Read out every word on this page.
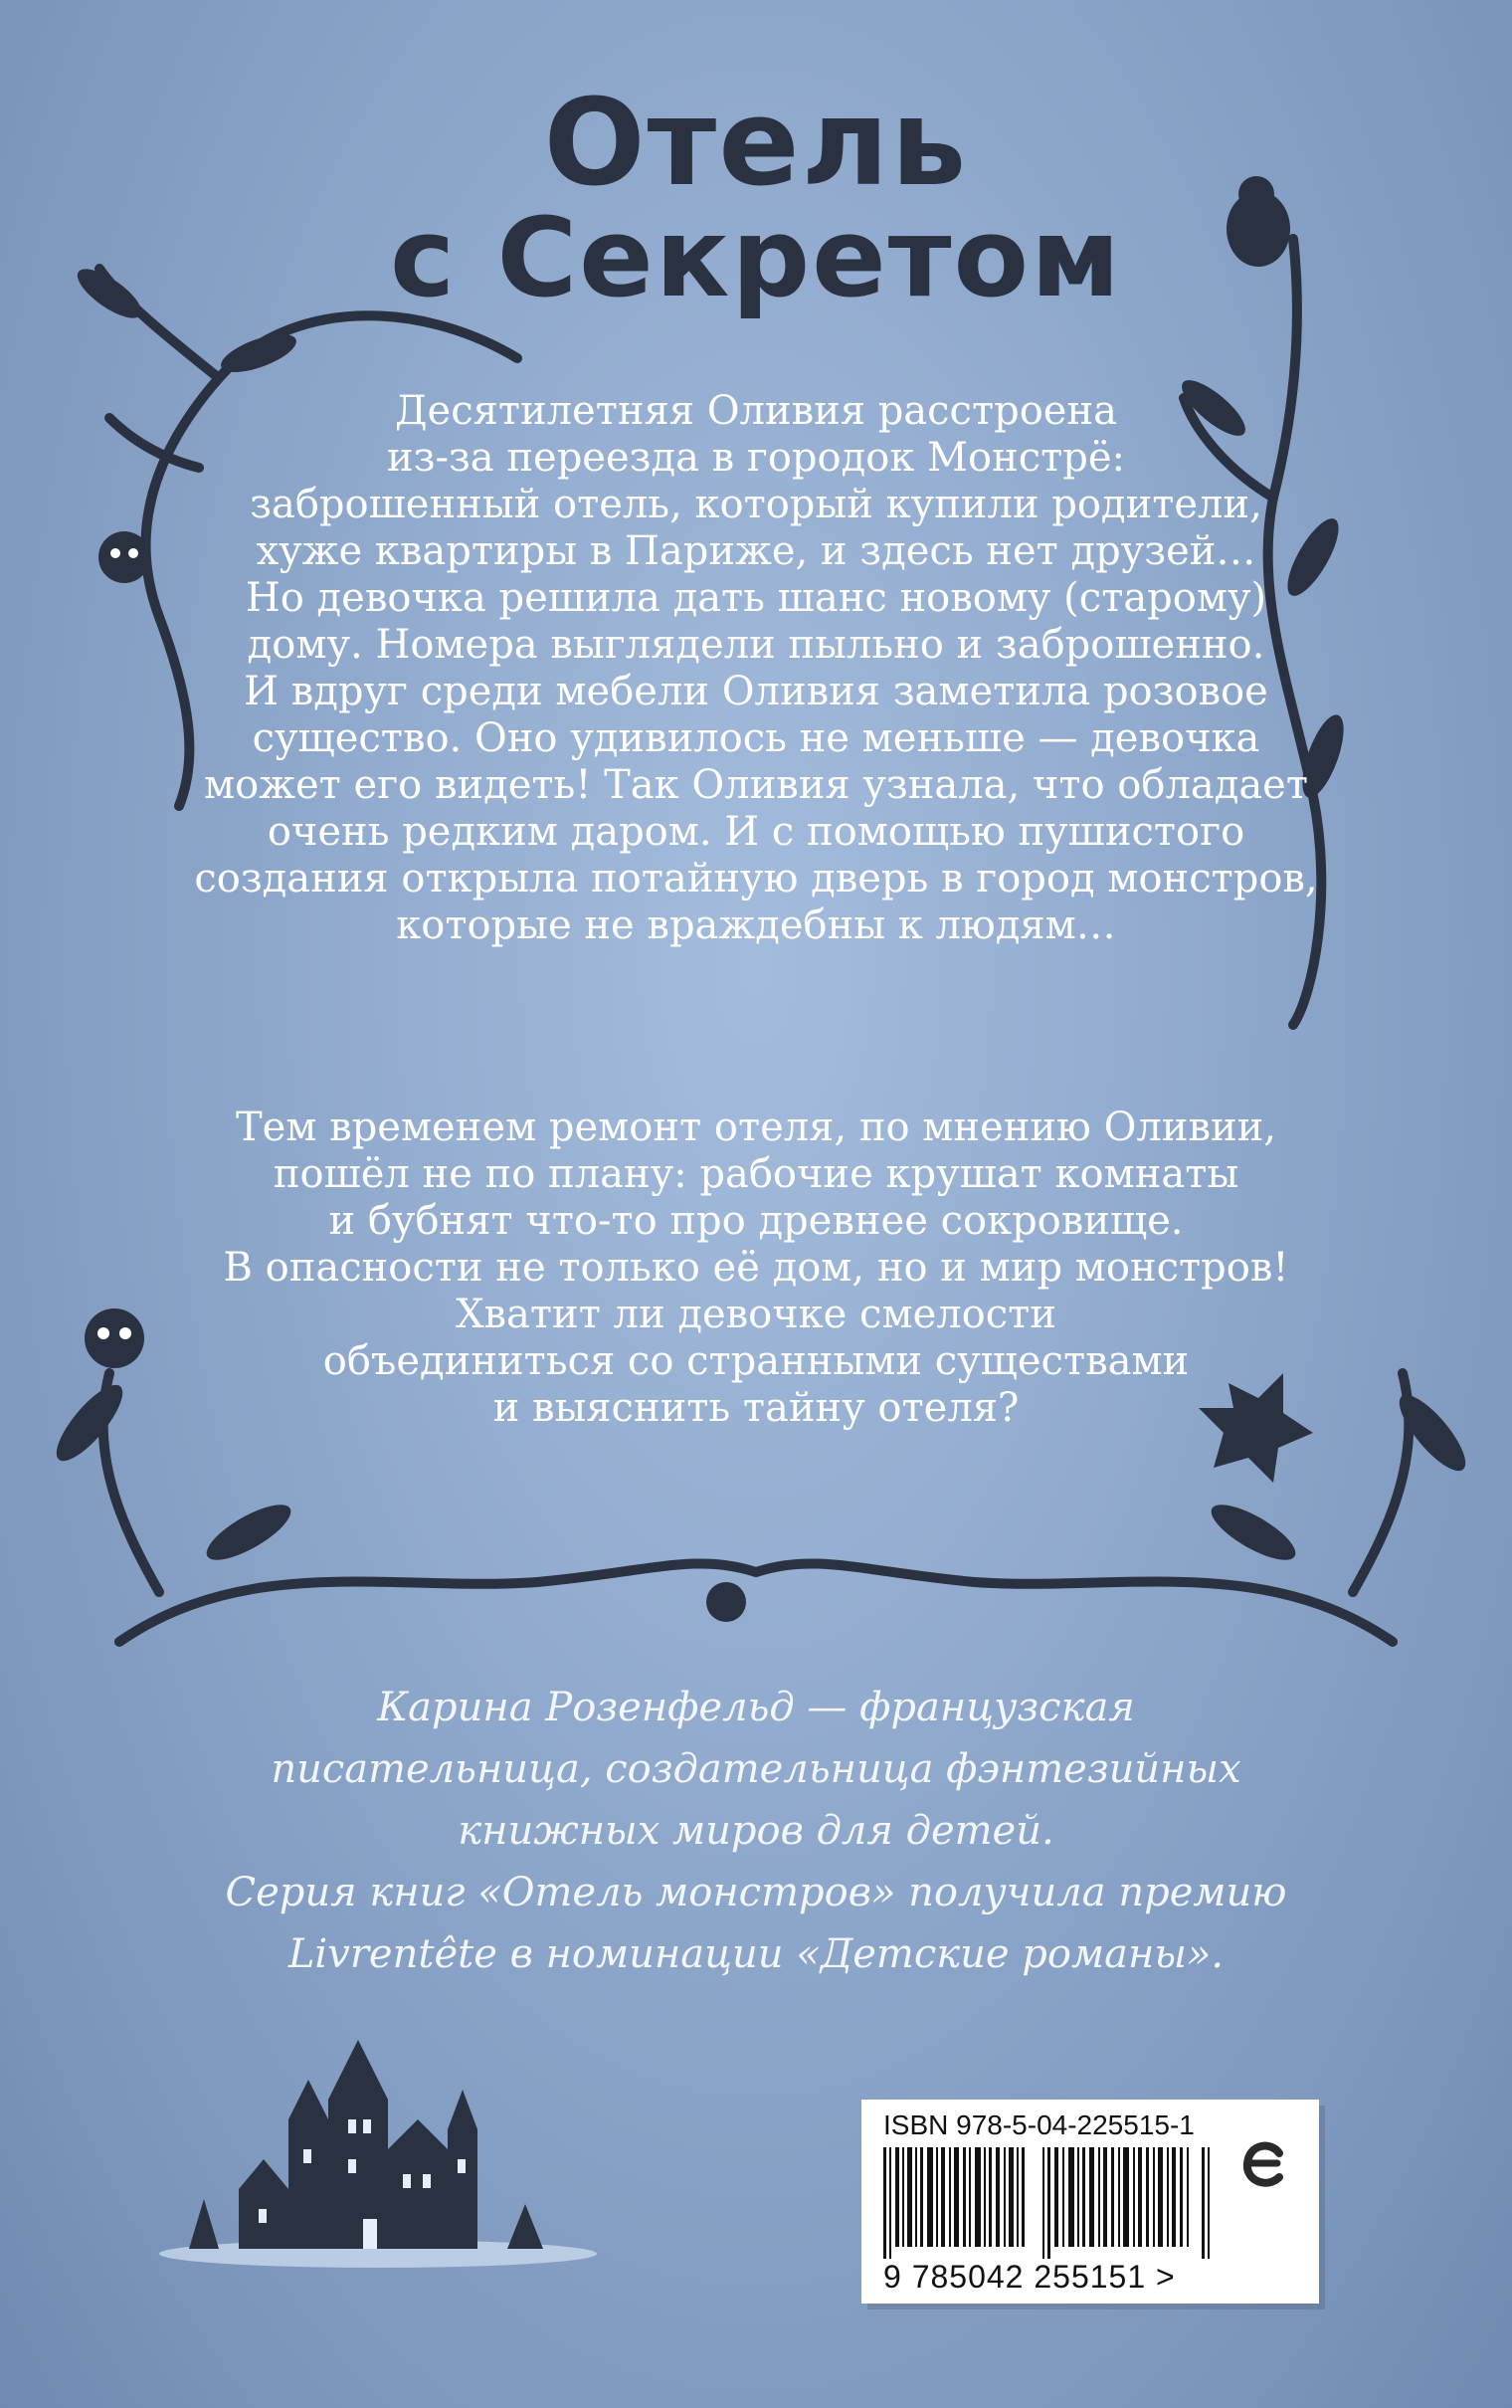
Отель
с Секретом
Десятилетняя Оливия расстроена
из-за переезда в городок Монстрё:
заброшенный отель, который купили родители,
хуже квартиры в Париже, и здесь нет друзей…
Но девочка решила дать шанс новому (старому)
дому. Номера выглядели пыльно и заброшенно.
И вдруг среди мебели Оливия заметила розовое
существо. Оно удивилось не меньше — девочка
может его видеть! Так Оливия узнала, что обладает
очень редким даром. И с помощью пушистого
создания открыла потайную дверь в город монстров,
которые не враждебны к людям…
Тем временем ремонт отеля, по мнению Оливии,
пошёл не по плану: рабочие крушат комнаты
и бубнят что-то про древнее сокровище.
В опасности не только её дом, но и мир монстров!
Хватит ли девочке смелости
объединиться со странными существами
и выяснить тайну отеля?
Карина Розенфельд — французская
писательница, создательница фэнтезийных
книжных миров для детей.
Серия книг «Отель монстров» получила премию
Livrentête в номинации «Детские романы».
ISBN 978-5-04-225515-1
9 785042 255151 >
